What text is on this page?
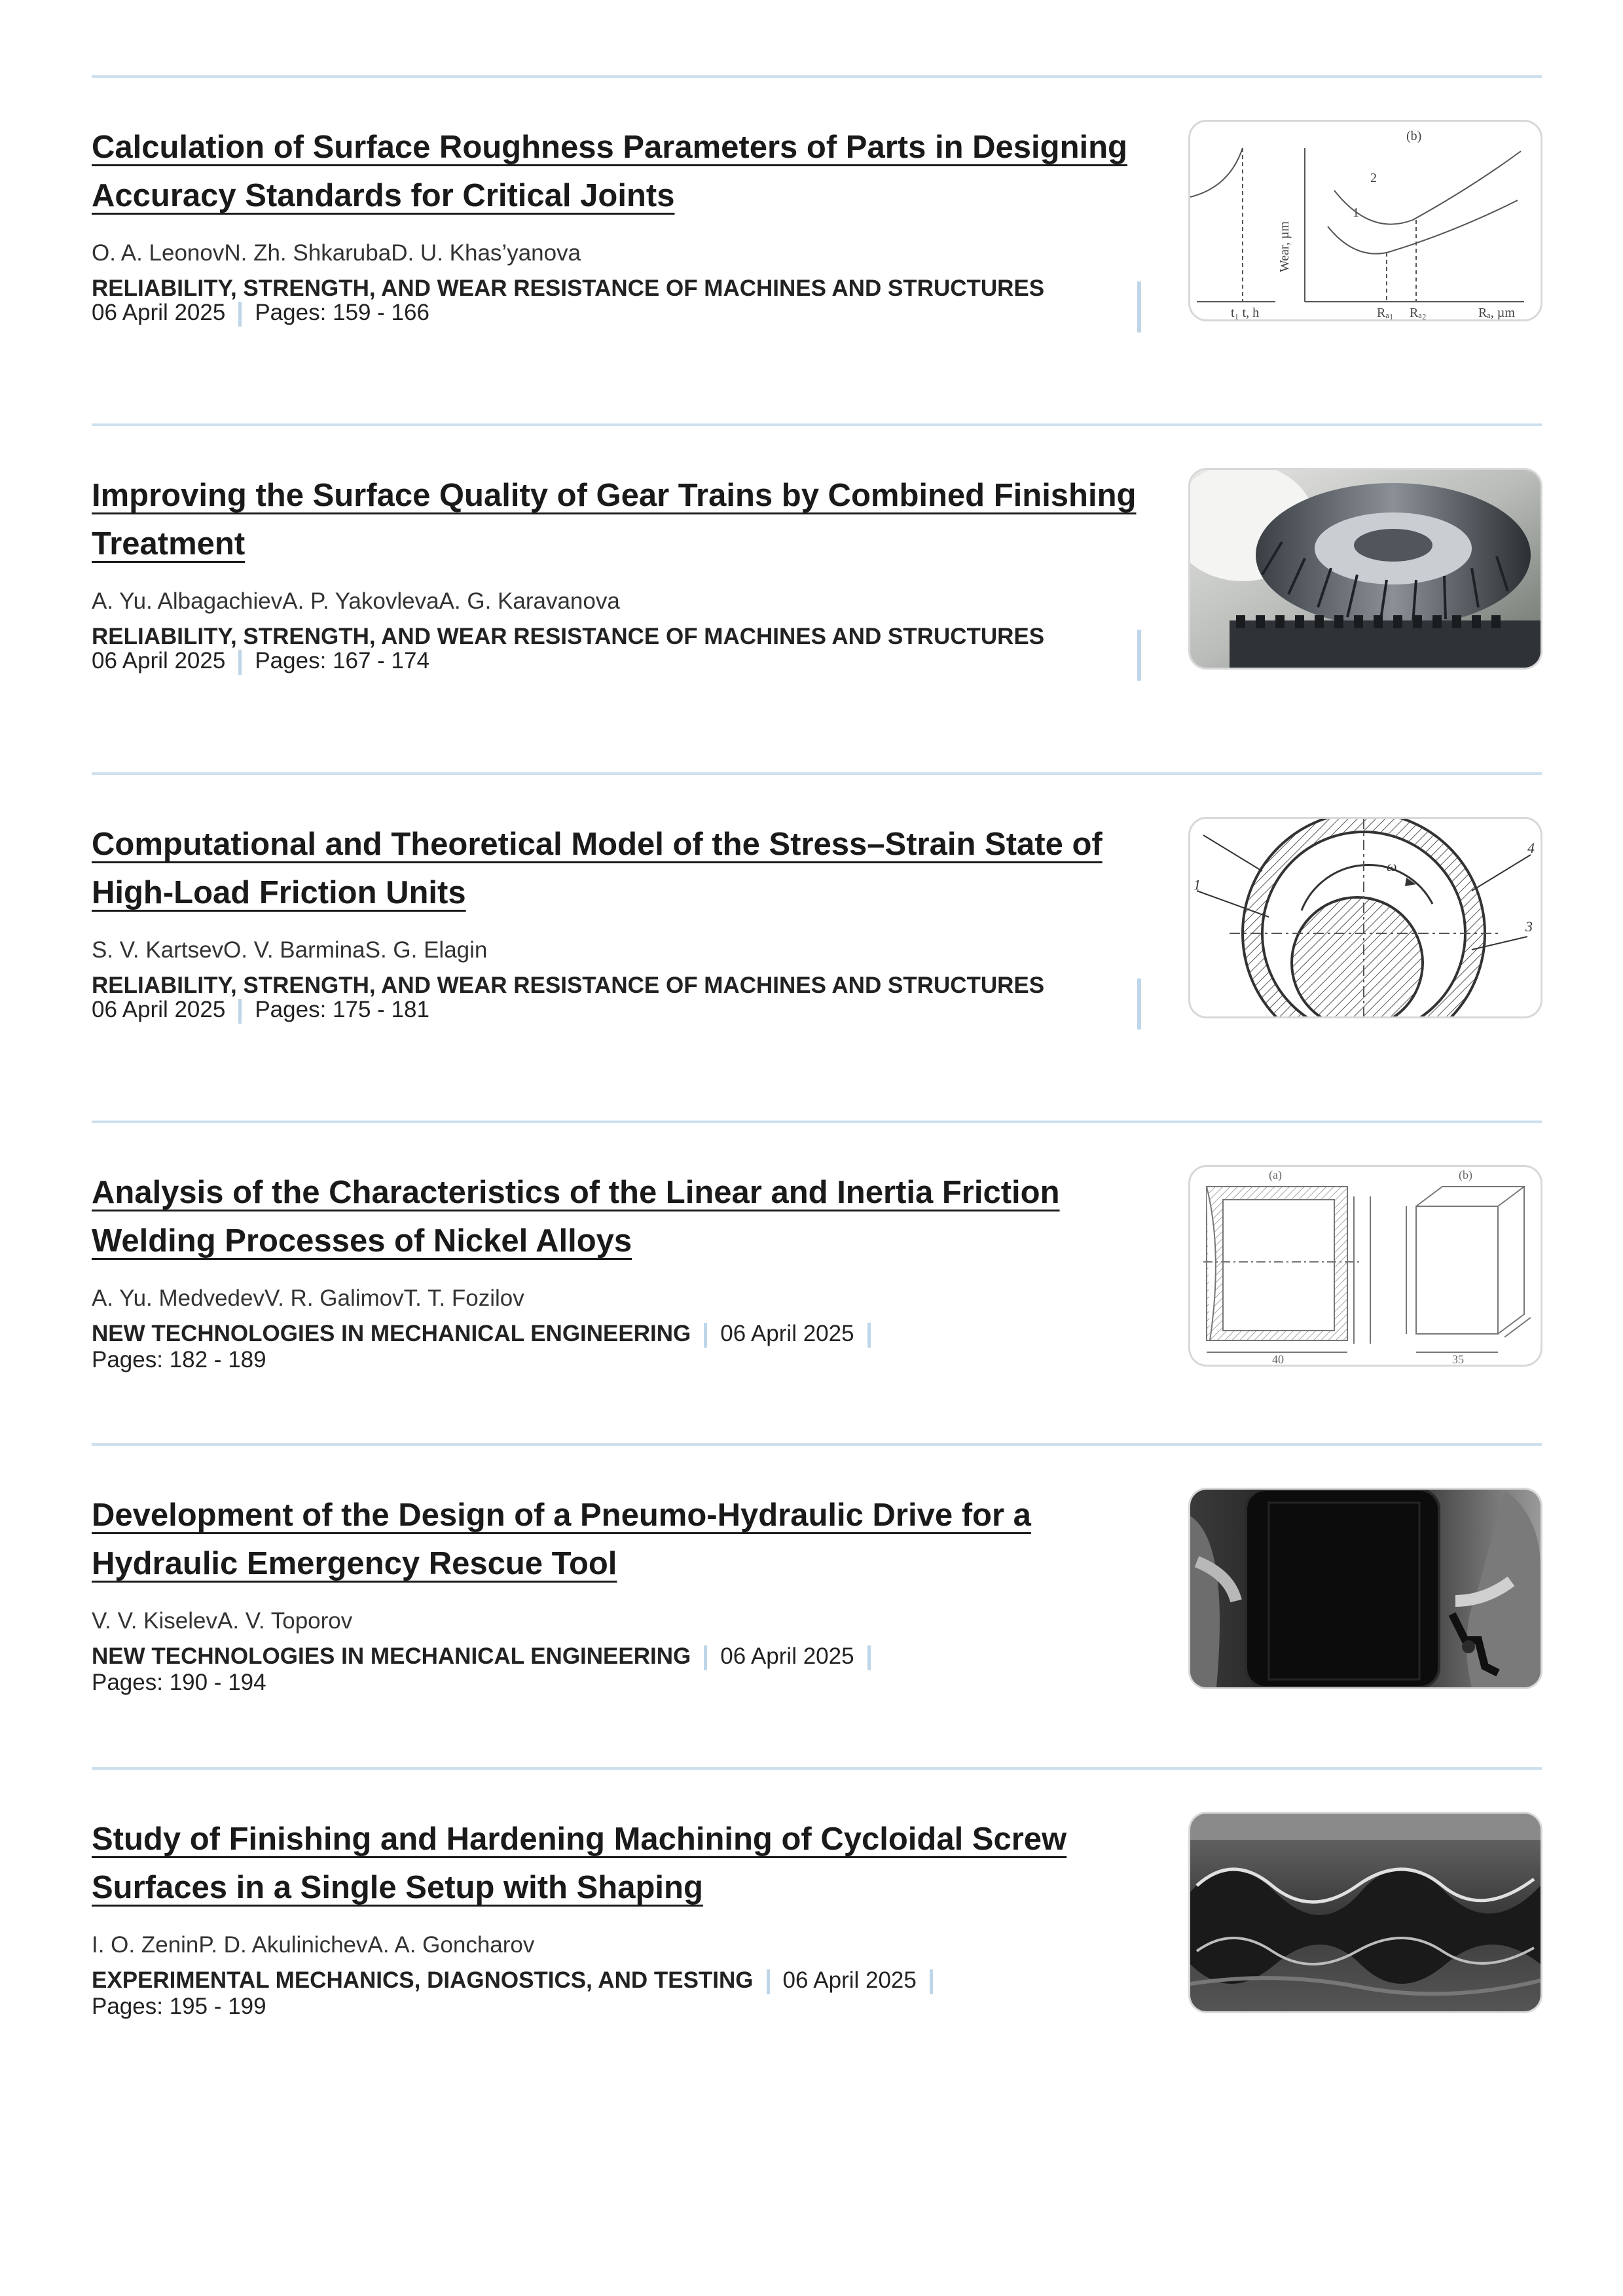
Calculation of Surface Roughness Parameters of Parts in Designing Accuracy Standards for Critical Joints
O. A. LeonovN. Zh. ShkarubaD. U. Khas’yanova
RELIABILITY, STRENGTH, AND WEAR RESISTANCE OF MACHINES AND STRUCTURES
06 April 2025 Pages: 159 - 166
(b)
Wear, µm
t₁ t, h	Rₐ, µm
Rₐ₁ Rₐ₂
1
2
Improving the Surface Quality of Gear Trains by Combined Finishing Treatment
A. Yu. AlbagachievA. P. YakovlevaA. G. Karavanova
RELIABILITY, STRENGTH, AND WEAR RESISTANCE OF MACHINES AND STRUCTURES
06 April 2025 Pages: 167 - 174
Computational and Theoretical Model of the Stress–Strain State of High-Load Friction Units
S. V. KartsevO. V. BarminaS. G. Elagin
RELIABILITY, STRENGTH, AND WEAR RESISTANCE OF MACHINES AND STRUCTURES
06 April 2025 Pages: 175 - 181
ω
1
3
4
Analysis of the Characteristics of the Linear and Inertia Friction Welding Processes of Nickel Alloys
A. Yu. MedvedevV. R. GalimovT. T. Fozilov
NEW TECHNOLOGIES IN MECHANICAL ENGINEERING 06 April 2025
Pages: 182 - 189
(a)	(b)
40	35
Development of the Design of a Pneumo-Hydraulic Drive for a Hydraulic Emergency Rescue Tool
V. V. KiselevA. V. Toporov
NEW TECHNOLOGIES IN MECHANICAL ENGINEERING 06 April 2025
Pages: 190 - 194
Study of Finishing and Hardening Machining of Cycloidal Screw Surfaces in a Single Setup with Shaping
I. O. ZeninP. D. AkulinichevA. A. Goncharov
EXPERIMENTAL MECHANICS, DIAGNOSTICS, AND TESTING 06 April 2025
Pages: 195 - 199
